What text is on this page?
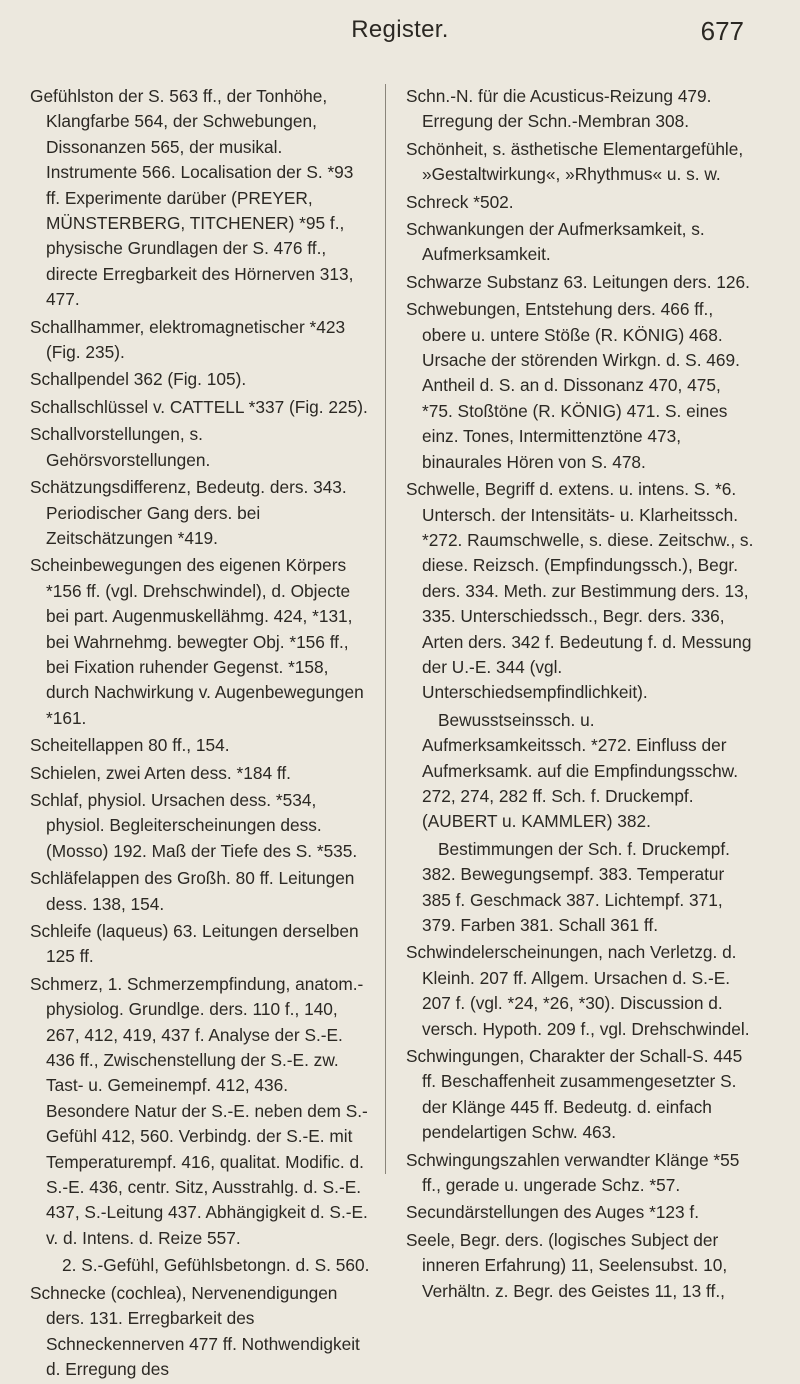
Register.	677

Gefühlston der S. 563 ff., der Tonhöhe, Klangfarbe 564, der Schwebungen, Dissonanzen 565, der musikal. Instrumente 566. Localisation der S. *93 ff. Experimente darüber (PREYER, MÜNSTERBERG, TITCHENER) *95 f., physische Grundlagen der S. 476 ff., directe Erregbarkeit des Hörnerven 313, 477.

Schallhammer, elektromagnetischer *423 (Fig. 235).

Schallpendel 362 (Fig. 105).

Schallschlüssel v. CATTELL *337 (Fig. 225).

Schallvorstellungen, s. Gehörsvorstellungen.

Schätzungsdifferenz, Bedeutg. ders. 343. Periodischer Gang ders. bei Zeitschätzungen *419.

Scheinbewegungen des eigenen Körpers *156 ff. (vgl. Drehschwindel), d. Objecte bei part. Augenmuskellähmg. 424, *131, bei Wahrnehmg. bewegter Obj. *156 ff., bei Fixation ruhender Gegenst. *158, durch Nachwirkung v. Augenbewegungen *161.

Scheitellappen 80 ff., 154.

Schielen, zwei Arten dess. *184 ff.

Schlaf, physiol. Ursachen dess. *534, physiol. Begleiterscheinungen dess. (Mosso) 192. Maß der Tiefe des S. *535.

Schläfelappen des Großh. 80 ff. Leitungen dess. 138, 154.

Schleife (laqueus) 63. Leitungen derselben 125 ff.

Schmerz, 1. Schmerzempfindung, anatom.-physiolog. Grundlge. ders. 110 f., 140, 267, 412, 419, 437 f. Analyse der S.-E. 436 ff., Zwischenstellung der S.-E. zw. Tast- u. Gemeinempf. 412, 436. Besondere Natur der S.-E. neben dem S.-Gefühl 412, 560. Verbindg. der S.-E. mit Temperaturempf. 416, qualitat. Modific. d. S.-E. 436, centr. Sitz, Ausstrahlg. d. S.-E. 437, S.-Leitung 437. Abhängigkeit d. S.-E. v. d. Intens. d. Reize 557.

2. S.-Gefühl, Gefühlsbetongn. d. S. 560.

Schnecke (cochlea), Nervenendigungen ders. 131. Erregbarkeit des Schneckennerven 477 ff. Nothwendigkeit d. Erregung des

Schn.-N. für die Acusticus-Reizung 479. Erregung der Schn.-Membran 308.

Schönheit, s. ästhetische Elementargefühle, »Gestaltwirkung«, »Rhythmus« u. s. w.

Schreck *502.

Schwankungen der Aufmerksamkeit, s. Aufmerksamkeit.

Schwarze Substanz 63. Leitungen ders. 126.

Schwebungen, Entstehung ders. 466 ff., obere u. untere Stöße (R. KÖNIG) 468. Ursache der störenden Wirkgn. d. S. 469. Antheil d. S. an d. Dissonanz 470, 475, *75. Stoßtöne (R. KÖNIG) 471. S. eines einz. Tones, Intermittenztöne 473, binaurales Hören von S. 478.

Schwelle, Begriff d. extens. u. intens. S. *6. Untersch. der Intensitäts- u. Klarheitssch. *272. Raumschwelle, s. diese. Zeitschw., s. diese. Reizsch. (Empfindungssch.), Begr. ders. 334. Meth. zur Bestimmung ders. 13, 335. Unterschiedssch., Begr. ders. 336, Arten ders. 342 f. Bedeutung f. d. Messung der U.-E. 344 (vgl. Unterschiedsempfindlichkeit).

Bewusstseinssch. u. Aufmerksamkeitssch. *272. Einfluss der Aufmerksamk. auf die Empfindungsschw. 272, 274, 282 ff. Sch. f. Druckempf. (AUBERT u. KAMMLER) 382.

Bestimmungen der Sch. f. Druckempf. 382. Bewegungsempf. 383. Temperatur 385 f. Geschmack 387. Lichtempf. 371, 379. Farben 381. Schall 361 ff.

Schwindelerscheinungen, nach Verletzg. d. Kleinh. 207 ff. Allgem. Ursachen d. S.-E. 207 f. (vgl. *24, *26, *30). Discussion d. versch. Hypoth. 209 f., vgl. Drehschwindel.

Schwingungen, Charakter der Schall-S. 445 ff. Beschaffenheit zusammengesetzter S. der Klänge 445 ff. Bedeutg. d. einfach pendelartigen Schw. 463.

Schwingungszahlen verwandter Klänge *55 ff., gerade u. ungerade Schz. *57.

Secundärstellungen des Auges *123 f.

Seele, Begr. ders. (logisches Subject der inneren Erfahrung) 11, Seelensubst. 10, Verhältn. z. Begr. des Geistes 11, 13 ff.,
